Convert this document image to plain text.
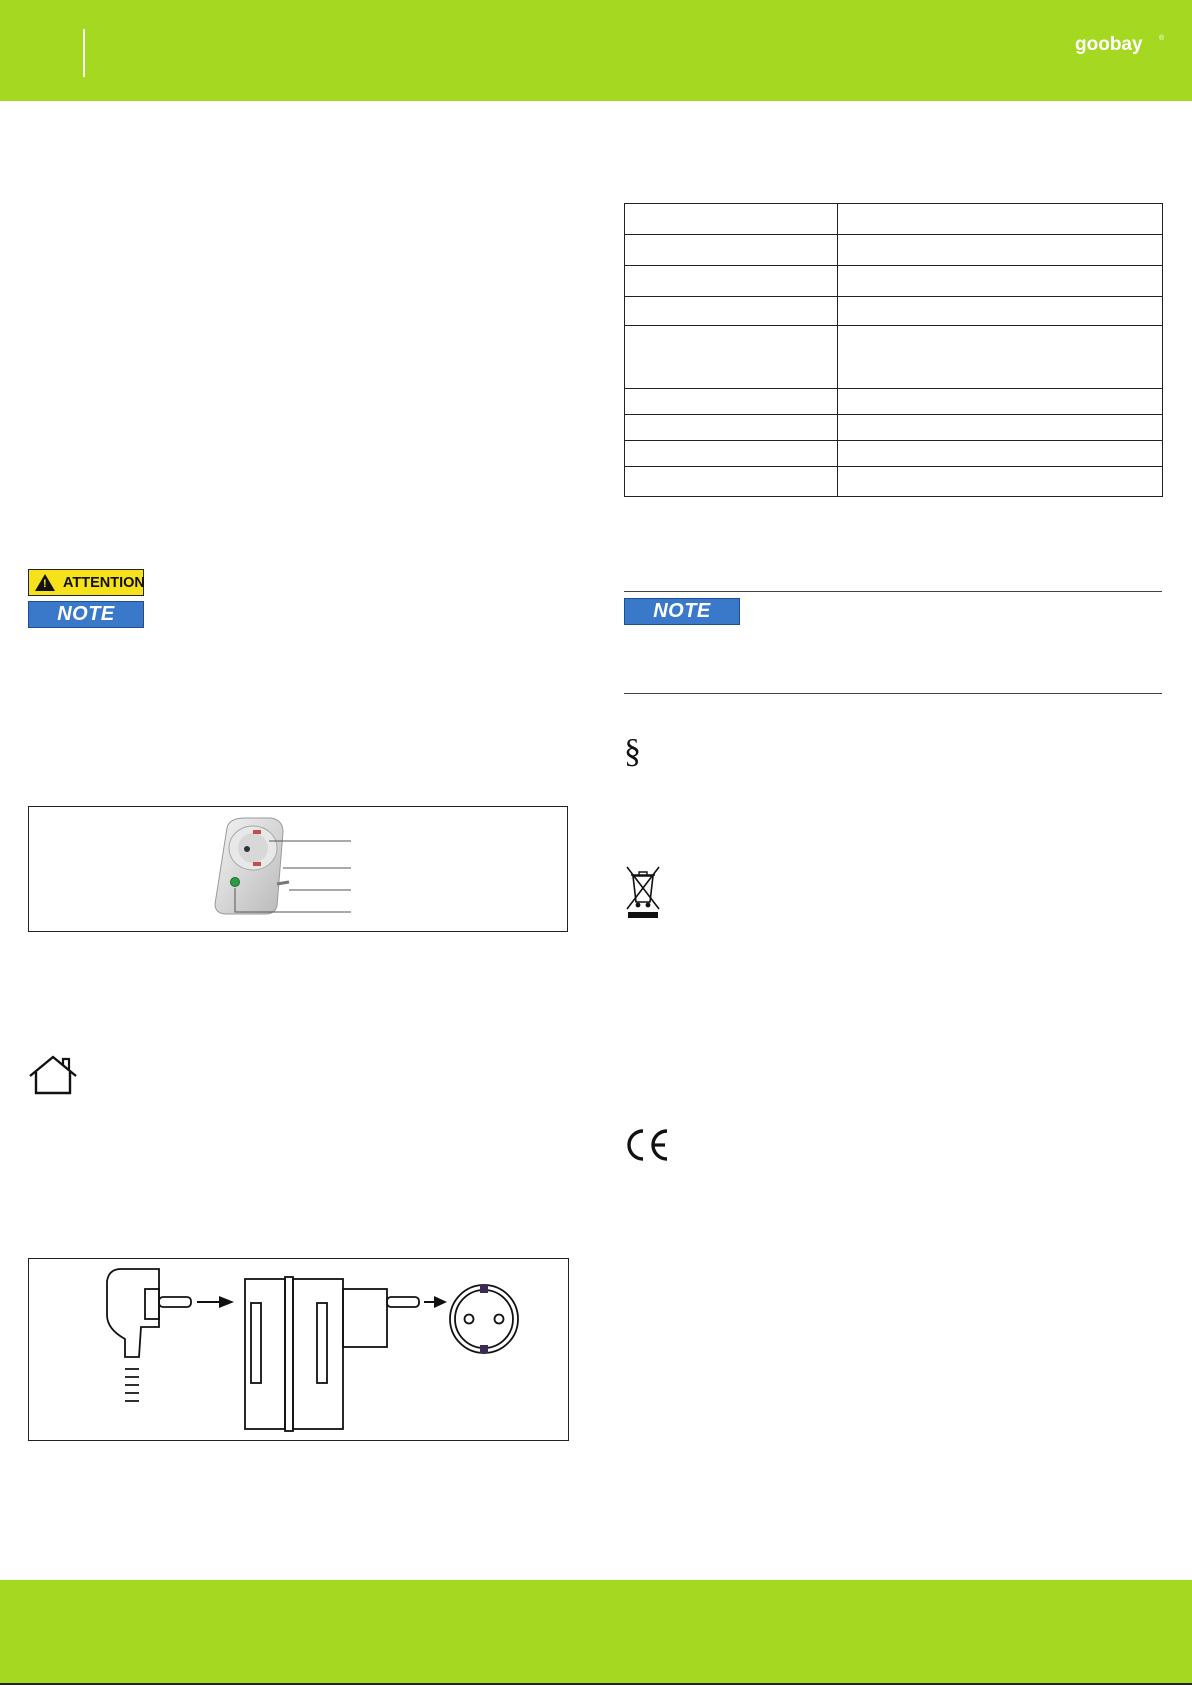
goobay ®

!
ATTENTION
NOTE	NOTE
§
